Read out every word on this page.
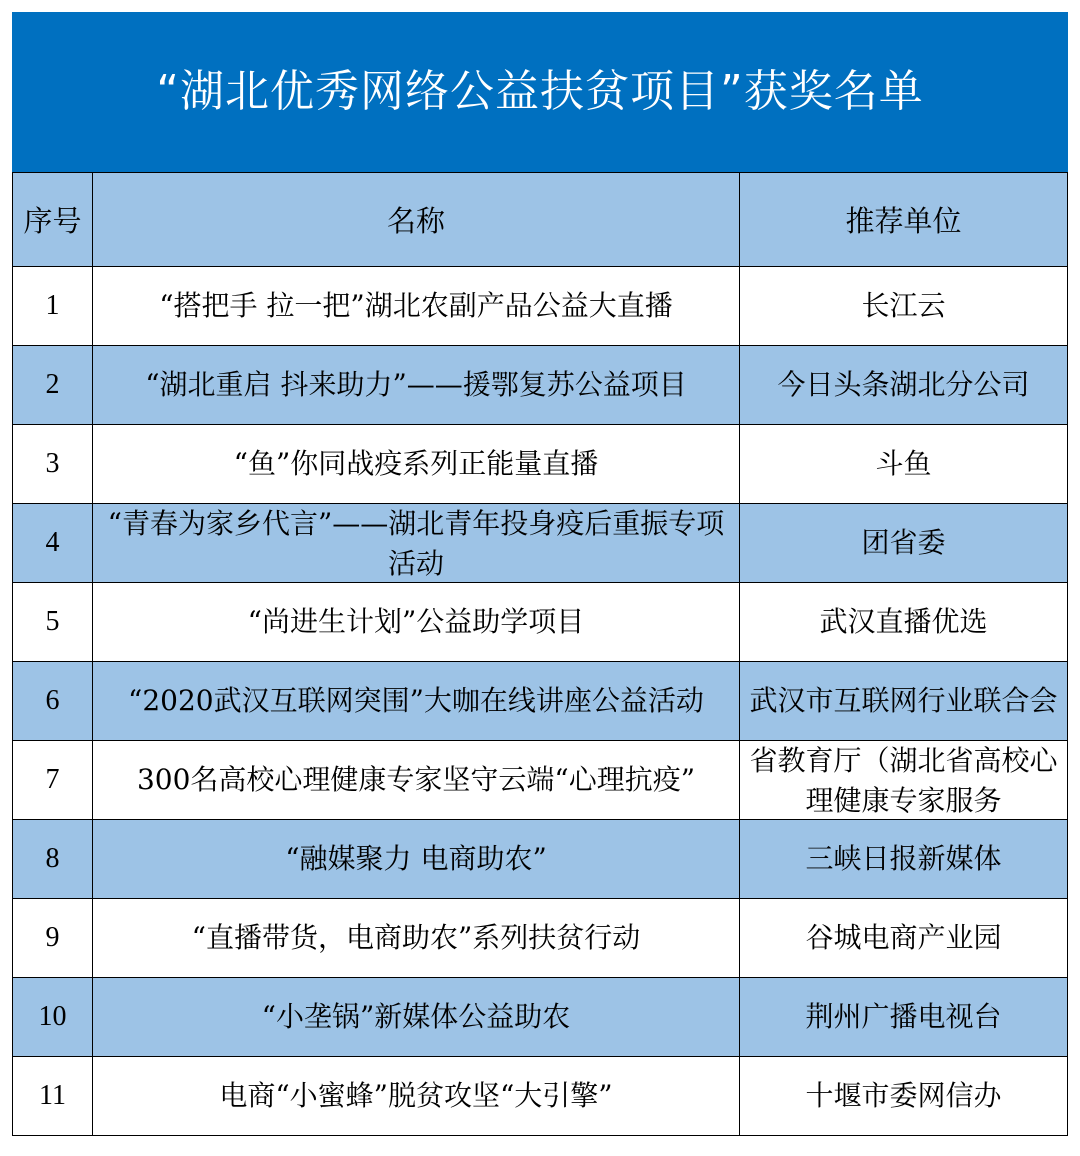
“湖北优秀网络公益扶贫项目”获奖名单
序号	名称	推荐单位
1	“搭把手 拉一把”湖北农副产品公益大直播	长江云

2	“湖北重启 抖来助力”——援鄂复苏公益项目	今日头条湖北分公司

3	“鱼”你同战疫系列正能量直播	斗鱼

4	“青春为家乡代言”——湖北青年投身疫后重振专项活动	团省委

5	“尚进生计划”公益助学项目	武汉直播优选

6	“2020武汉互联网突围”大咖在线讲座公益活动	武汉市互联网行业联合会

7	300名高校心理健康专家坚守云端“心理抗疫”	省教育厅（湖北省高校心理健康专家服务

8	“融媒聚力 电商助农”	三峡日报新媒体

9	“直播带货，电商助农”系列扶贫行动	谷城电商产业园

10	“小垄锅”新媒体公益助农	荆州广播电视台

11	电商“小蜜蜂”脱贫攻坚“大引擎”	十堰市委网信办
